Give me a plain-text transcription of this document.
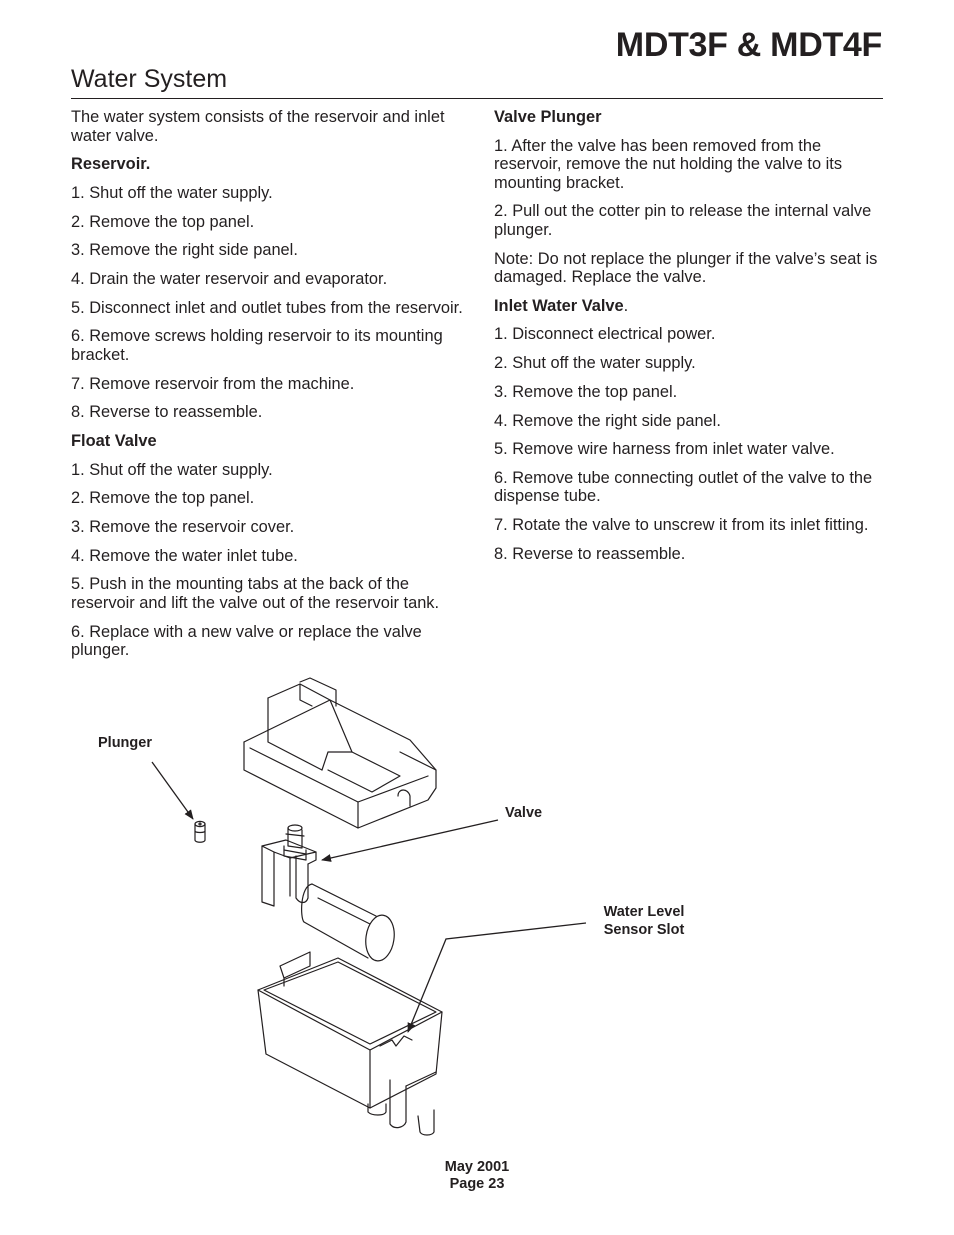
MDT3F & MDT4F
Water System

The water system consists of the reservoir and inlet water valve.

Reservoir.

1. Shut off the water supply.

2. Remove the top panel.

3. Remove the right side panel.

4. Drain the water reservoir and evaporator.

5. Disconnect inlet and outlet tubes from the reservoir.

6. Remove screws holding reservoir to its mounting bracket.

7. Remove reservoir from the machine.

8. Reverse to reassemble.

Float Valve

1. Shut off the water supply.

2. Remove the top panel.

3. Remove the reservoir cover.

4. Remove the water inlet tube.

5. Push in the mounting tabs at the back of the reservoir and lift the valve out of the reservoir tank.

6. Replace with a new valve or replace the valve plunger.

Valve Plunger

1. After the valve has been removed from the reservoir, remove the nut holding the valve to its mounting bracket.

2. Pull out the cotter pin to release the internal valve plunger.

Note: Do not replace the plunger if the valve’s seat is damaged. Replace the valve.

Inlet Water Valve.

1. Disconnect electrical power.

2. Shut off the water supply.

3. Remove the top panel.

4. Remove the right side panel.

5. Remove wire harness from inlet water valve.

6. Remove tube connecting outlet of the valve to the dispense tube.

7. Rotate the valve to unscrew it from its inlet fitting.

8. Reverse to reassemble.

Plunger
Valve
Water Level
Sensor Slot
May 2001
Page 23
